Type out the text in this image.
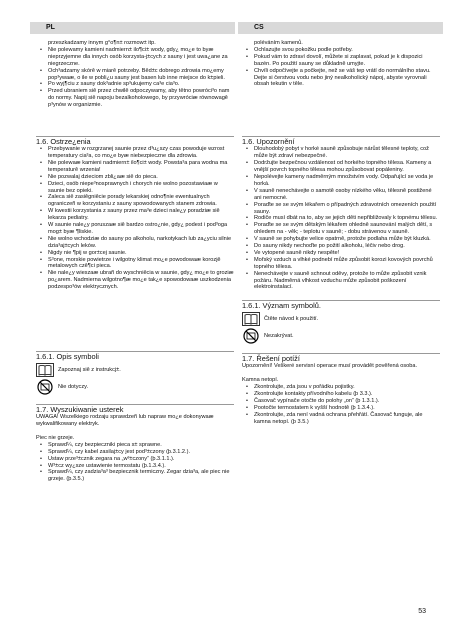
PL	CS
przeszkadzamy innym g°o¶n± rozmow± itp.
• Nie polewamy kamieni nadmiern± ilo¶ci± wody, gdy¿ mo¿e to byæ nieprzyjemne dla innych osób korzysta-j±cych z sauny i jest uwa¿ane za niegrzeczne.
• Och³adzamy skórê w miarê potrzeby. Bêd±c dobrego zdrowia mo¿emy pop³ywaæ, o ile w pobli¿u sauny jest basen lub inne miejsce do k±pieli.
• Po wyj¶ciu z sauny dok³adnie sp³ukujemy ca³e cia³o.
• Przed ubraniem siê przez chwilê odpoczywamy, aby têtno powróci³o nam do normy. Napij siê napoju bezalkoholowego, by przywróciæ równowagê p³ynów w organizmie.
1.6. Ostrze¿enia
• Przebywanie w rozgrzanej saunie przez d³u¿szy czas powoduje wzrost temperatury cia³a, co mo¿e byæ niebezpieczne dla zdrowia.
• Nie polewaæ kamieni nadmiern± ilo¶ci± wody. Powsta³a para wodna ma temperaturê wrzenia!
• Nie pozwalaj dzieciom zbli¿aæ siê do pieca.
• Dzieci, osób niepe³nosprawnych i chorych nie wolno pozostawiaæ w saunie bez opieki.
• Zaleca siê zasiêgniêcie porady lekarskiej odno¶nie ewentualnych ograniczeñ w korzystaniu z sauny spowodowanych stanem zdrowia.
• W kwestii korzystania z sauny przez ma³e dzieci nale¿y poradziæ siê lekarza pediatry.
• W saunie nale¿y poruszaæ siê bardzo ostro¿nie, gdy¿ podest i pod³oga mog± byæ ¶liskie.
• Nie wolno wchodziæ do sauny po alkoholu, narkotykach lub za¿yciu silnie dzia³aj±cych leków.
• Nigdy nie ¶pij w gor±cej saunie.
• S³one, morskie powietrze i wilgotny klimat mo¿e powodowaæ korozjê metalowych czê¶ci pieca.
• Nie nale¿y wieszaæ ubrañ do wyschniêcia w saunie, gdy¿ mo¿e to groziæ po¿arem. Nadmierna wilgotno¶æ mo¿e tak¿e spowodowaæ uszkodzenia podzespo³ów elektrycznych.
1.6.1. Opis symboli
Zapoznaj siê z instrukcj±.
Nie dotyczy.
1.7. Wyszukiwanie usterek

UWAGA! Wszelkiego rodzaju sprawdzeñ lub napraw mo¿e dokonywaæ wykwalifikowany elektryk.

Piec nie grzeje.

• Sprawd¼, czy bezpieczniki pieca s± sprawne.
• Sprawd¼, czy kabel zasilaj±cy jest pod³±czony (þ.3.1.2.).
• Ustaw prze³±cznik zegara na „w³±czony” (þ.3.1.1.).
• W³±cz wy¿sze ustawienie termostatu (þ.1.3.4.).
• Sprawd¼, czy zadzia³a³ bezpiecznik termiczny. Zegar dzia³a, ale piec nie grzeje. (þ.3.5.)
poléváním kamenů.
• Ochlazujte svou pokožku podle potřeby.
• Pokud vám to zdraví dovolí, můžete si zaplavat, pokud je k dispozici bazén. Po použití sauny se důkladně umyjte.
• Chvíli odpočívejte a počkejte, než se váš tep vrátí do normálního stavu. Dejte si čerstvou vodu nebo jiný nealkoholický nápoj, abyste vyrovnali obsah tekutin v těle.
1.6. Upozornění
• Dlouhodobý pobyt v horké sauně způsobuje nárůst tělesné teploty, což může být zdraví nebezpečné.
• Dodržujte bezpečnou vzdálenost od horkého topného tělesa. Kameny a vnější povrch topného tělesa mohou způsobovat popáleniny.
• Nepolévejte kameny nadměrným množstvím vody. Odpařující se voda je horká.
• V sauně nenechávejte o samotě osoby nízkého věku, tělesně postižené ani nemocné.
• Poraďte se se svým lékařem o případných zdravotních omezeních použití sauny.
• Rodiče musí dbát na to, aby se jejich děti nepřibližovaly k topnému tělesu.
• Poraďte se se svým dětským lékařem ohledně saunování malých dětí, s ohledem na - věk; - teplotu v sauně; - dobu strávenou v sauně.
• V sauně se pohybujte velice opatrně, protože podlaha může být kluzká.
• Do sauny nikdy nechoďte po požití alkoholu, léčiv nebo drog.
• Ve vytopené sauně nikdy nespěte!
• Mořský vzduch a vlhké podnebí může způsobit korozi kovových povrchů topného tělesa.
• Nenechávejte v sauně schnout oděvy, protože to může způsobit vznik požáru. Nadměrná vlhkost vzduchu může způsobit poškození elektroinstalací.
1.6.1. Význam symbolů.
Čtěte návod k použití.
Nezakrývat.
1.7. Řešení potíží

Upozornění! Veškeré servisní operace musí provádět pověřená osoba.

Kamna netopí.

• Zkontrolujte, zda jsou v pořádku pojistky.
• Zkontrolujte kontakty přívodního kabelu (þ 3.3.).
• Časovač vypínače otočte do polohy „on“ (þ 1.3.1.).
• Pootočte termostatem k vyšší hodnotě (þ 1.3.4.).
• Zkontrolujte, zda není vadná ochrana přehřátí. Časovač funguje, ale kamna netopí. (þ 3.5.)
53
